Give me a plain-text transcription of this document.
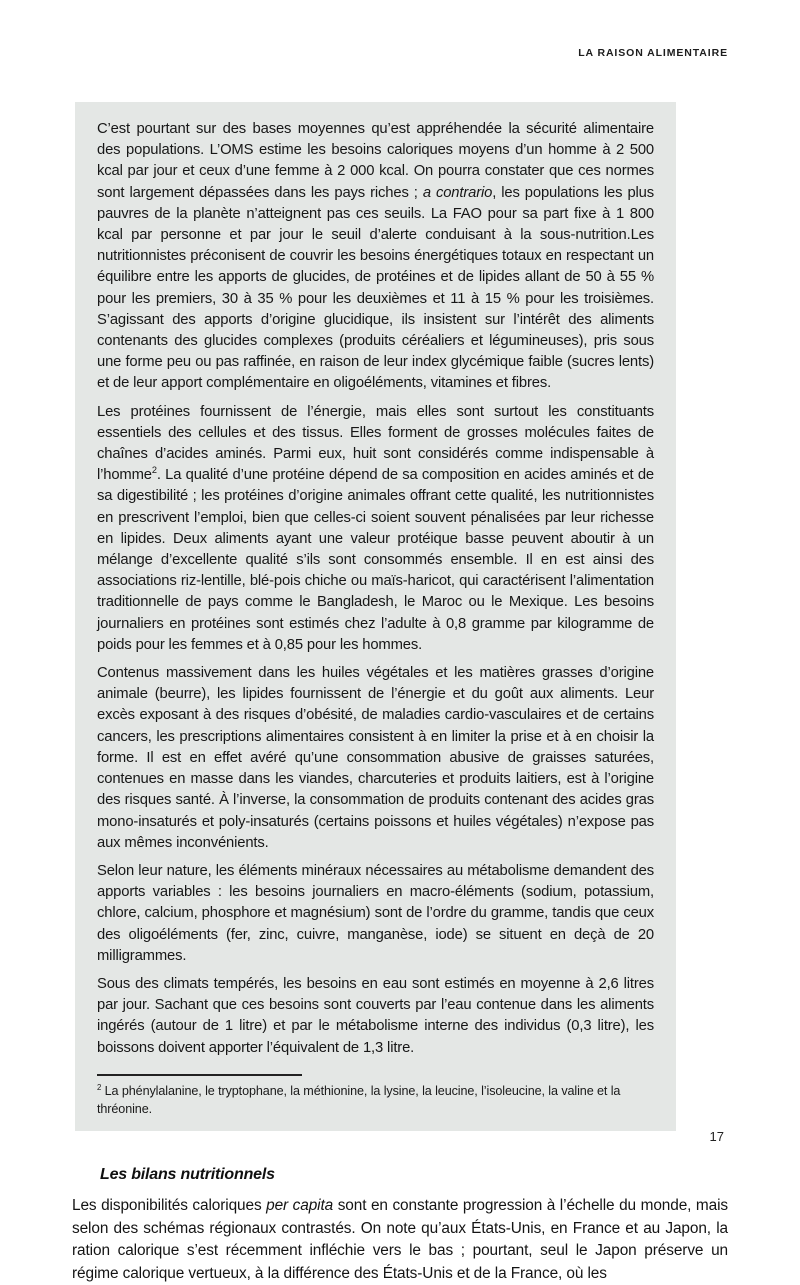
LA RAISON ALIMENTAIRE

C’est pourtant sur des bases moyennes qu’est appréhendée la sécurité alimentaire des populations. L’OMS estime les besoins caloriques moyens d’un homme à 2 500 kcal par jour et ceux d’une femme à 2 000 kcal. On pourra constater que ces normes sont largement dépassées dans les pays riches ; a contrario, les populations les plus pauvres de la planète n’atteignent pas ces seuils. La FAO pour sa part fixe à 1 800 kcal par personne et par jour le seuil d’alerte conduisant à la sous-nutrition.Les nutritionnistes préconisent de couvrir les besoins énergétiques totaux en respectant un équilibre entre les apports de glucides, de protéines et de lipides allant de 50 à 55 % pour les premiers, 30 à 35 % pour les deuxièmes et 11 à 15 % pour les troisièmes. S’agissant des apports d’origine glucidique, ils insistent sur l’intérêt des aliments contenants des glucides complexes (produits céréaliers et légumineuses), pris sous une forme peu ou pas raffinée, en raison de leur index glycémique faible (sucres lents) et de leur apport complémentaire en oligoéléments, vitamines et fibres.

Les protéines fournissent de l’énergie, mais elles sont surtout les constituants essentiels des cellules et des tissus. Elles forment de grosses molécules faites de chaînes d’acides aminés. Parmi eux, huit sont considérés comme indispensable à l’homme$^2$. La qualité d’une protéine dépend de sa composition en acides aminés et de sa digestibilité ; les protéines d’origine animales offrant cette qualité, les nutritionnistes en prescrivent l’emploi, bien que celles-ci soient souvent pénalisées par leur richesse en lipides. Deux aliments ayant une valeur protéique basse peuvent aboutir à un mélange d’excellente qualité s’ils sont consommés ensemble. Il en est ainsi des associations riz-lentille, blé-pois chiche ou maïs-haricot, qui caractérisent l’alimentation traditionnelle de pays comme le Bangladesh, le Maroc ou le Mexique. Les besoins journaliers en protéines sont estimés chez l’adulte à 0,8 gramme par kilogramme de poids pour les femmes et à 0,85 pour les hommes.

Contenus massivement dans les huiles végétales et les matières grasses d’origine animale (beurre), les lipides fournissent de l’énergie et du goût aux aliments. Leur excès exposant à des risques d’obésité, de maladies cardio-vasculaires et de certains cancers, les prescriptions alimentaires consistent à en limiter la prise et à en choisir la forme. Il est en effet avéré qu’une consommation abusive de graisses saturées, contenues en masse dans les viandes, charcuteries et produits laitiers, est à l’origine des risques santé. À l’inverse, la consommation de produits contenant des acides gras mono-insaturés et poly-insaturés (certains poissons et huiles végétales) n’expose pas aux mêmes inconvénients.

Selon leur nature, les éléments minéraux nécessaires au métabolisme demandent des apports variables : les besoins journaliers en macro-éléments (sodium, potassium, chlore, calcium, phosphore et magnésium) sont de l’ordre du gramme, tandis que ceux des oligoéléments (fer, zinc, cuivre, manganèse, iode) se situent en deçà de 20 milligrammes.

Sous des climats tempérés, les besoins en eau sont estimés en moyenne à 2,6 litres par jour. Sachant que ces besoins sont couverts par l’eau contenue dans les aliments ingérés (autour de 1 litre) et par le métabolisme interne des individus (0,3 litre), les boissons doivent apporter l’équivalent de 1,3 litre.

$^2$ La phénylalanine, le tryptophane, la méthionine, la lysine, la leucine, l’isoleucine, la valine et la thréonine.
Les bilans nutritionnels

Les disponibilités caloriques per capita sont en constante progression à l’échelle du monde, mais selon des schémas régionaux contrastés. On note qu’aux États-Unis, en France et au Japon, la ration calorique s’est récemment infléchie vers le bas ; pourtant, seul le Japon préserve un régime calorique vertueux, à la différence des États-Unis et de la France, où les

17
